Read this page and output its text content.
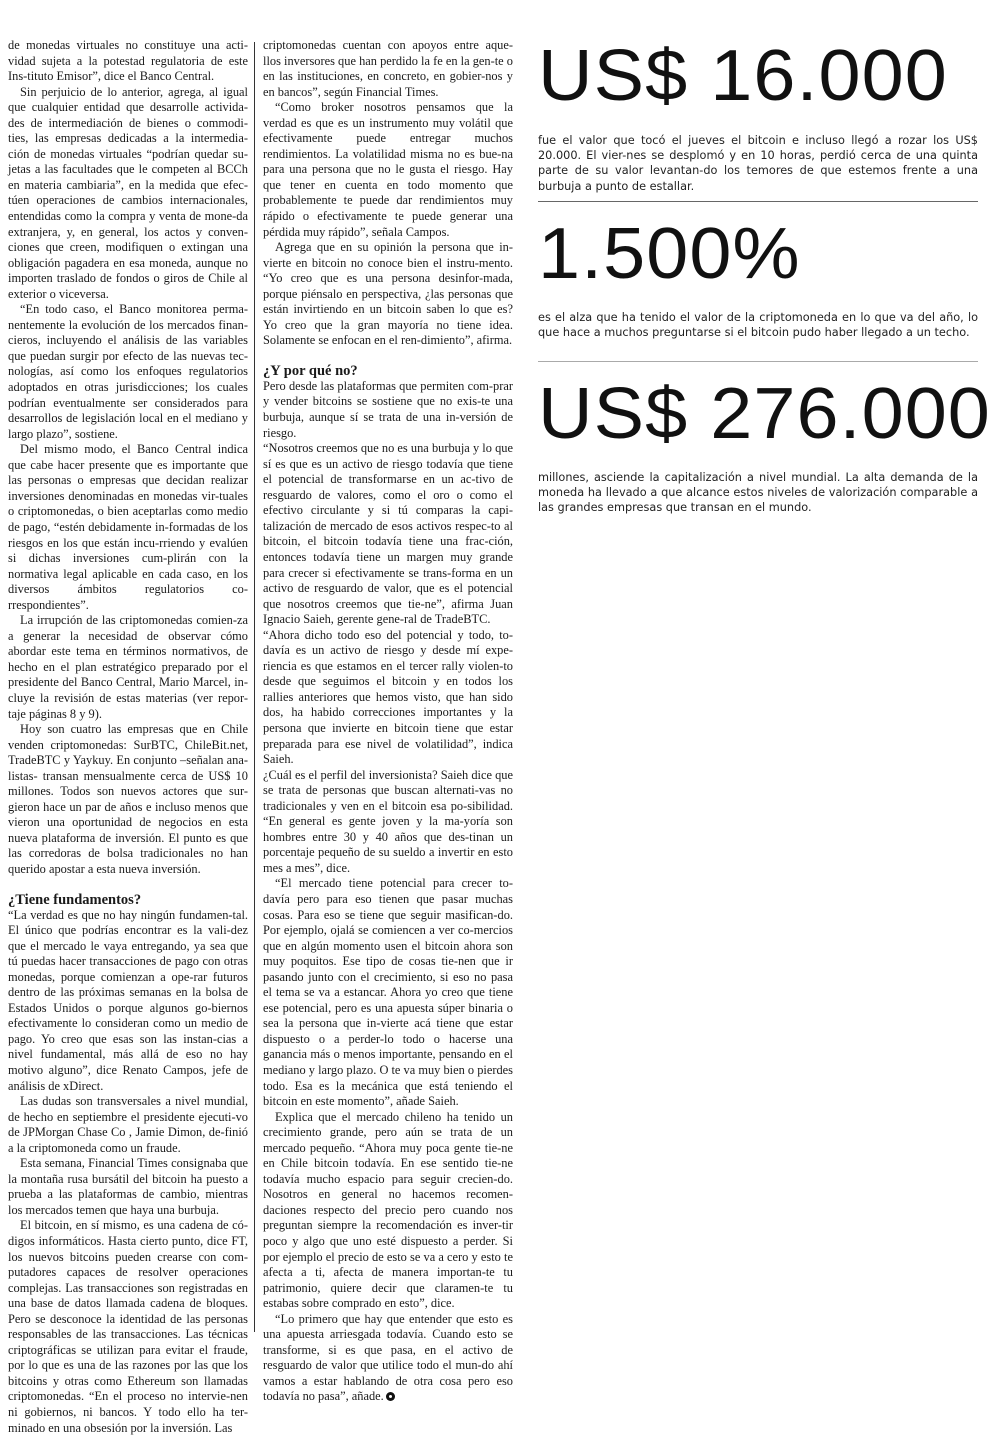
de monedas virtuales no constituye una acti-vidad sujeta a la potestad regulatoria de este Ins-tituto Emisor”, dice el Banco Central.

Sin perjuicio de lo anterior, agrega, al igual que cualquier entidad que desarrolle activida-des de intermediación de bienes o commodi-ties, las empresas dedicadas a la intermedia-ción de monedas virtuales “podrían quedar su-jetas a las facultades que le competen al BCCh en materia cambiaria”, en la medida que efec-túen operaciones de cambios internacionales, entendidas como la compra y venta de mone-da extranjera, y, en general, los actos y conven-ciones que creen, modifiquen o extingan una obligación pagadera en esa moneda, aunque no importen traslado de fondos o giros de Chile al exterior o viceversa.

“En todo caso, el Banco monitorea perma-nentemente la evolución de los mercados finan-cieros, incluyendo el análisis de las variables que puedan surgir por efecto de las nuevas tec-nologías, así como los enfoques regulatorios adoptados en otras jurisdicciones; los cuales podrían eventualmente ser considerados para desarrollos de legislación local en el mediano y largo plazo”, sostiene.

Del mismo modo, el Banco Central indica que cabe hacer presente que es importante que las personas o empresas que decidan realizar inversiones denominadas en monedas vir-tuales o criptomonedas, o bien aceptarlas como medio de pago, “estén debidamente in-formadas de los riesgos en los que están incu-rriendo y evalúen si dichas inversiones cum-plirán con la normativa legal aplicable en cada caso, en los diversos ámbitos regulatorios co-rrespondientes”.

La irrupción de las criptomonedas comien-za a generar la necesidad de observar cómo abordar este tema en términos normativos, de hecho en el plan estratégico preparado por el presidente del Banco Central, Mario Marcel, in-cluye la revisión de estas materias (ver repor-taje páginas 8 y 9).

Hoy son cuatro las empresas que en Chile venden criptomonedas: SurBTC, ChileBit.net, TradeBTC y Yaykuy. En conjunto –señalan ana-listas- transan mensualmente cerca de US$ 10 millones. Todos son nuevos actores que sur-gieron hace un par de años e incluso menos que vieron una oportunidad de negocios en esta nueva plataforma de inversión. El punto es que las corredoras de bolsa tradicionales no han querido apostar a esta nueva inversión.

¿Tiene fundamentos?

“La verdad es que no hay ningún fundamen-tal. El único que podrías encontrar es la vali-dez que el mercado le vaya entregando, ya sea que tú puedas hacer transacciones de pago con otras monedas, porque comienzan a ope-rar futuros dentro de las próximas semanas en la bolsa de Estados Unidos o porque algunos go-biernos efectivamente lo consideran como un medio de pago. Yo creo que esas son las instan-cias a nivel fundamental, más allá de eso no hay motivo alguno”, dice Renato Campos, jefe de análisis de xDirect.

Las dudas son transversales a nivel mundial, de hecho en septiembre el presidente ejecuti-vo de JPMorgan Chase Co , Jamie Dimon, de-finió a la criptomoneda como un fraude.

Esta semana, Financial Times consignaba que la montaña rusa bursátil del bitcoin ha puesto a prueba a las plataformas de cambio, mientras los mercados temen que haya una burbuja.

El bitcoin, en sí mismo, es una cadena de có-digos informáticos. Hasta cierto punto, dice FT, los nuevos bitcoins pueden crearse con com-putadores capaces de resolver operaciones complejas. Las transacciones son registradas en una base de datos llamada cadena de bloques. Pero se desconoce la identidad de las personas responsables de las transacciones. Las técnicas criptográficas se utilizan para evitar el fraude, por lo que es una de las razones por las que los bitcoins y otras como Ethereum son llamadas criptomonedas. “En el proceso no intervie-nen ni gobiernos, ni bancos. Y todo ello ha ter-minado en una obsesión por la inversión. Las

criptomonedas cuentan con apoyos entre aque-llos inversores que han perdido la fe en la gen-te o en las instituciones, en concreto, en gobier-nos y en bancos”, según Financial Times.

“Como broker nosotros pensamos que la verdad es que es un instrumento muy volátil que efectivamente puede entregar muchos rendimientos. La volatilidad misma no es bue-na para una persona que no le gusta el riesgo. Hay que tener en cuenta en todo momento que probablemente te puede dar rendimientos muy rápido o efectivamente te puede generar una pérdida muy rápido”, señala Campos.

Agrega que en su opinión la persona que in-vierte en bitcoin no conoce bien el instru-mento. “Yo creo que es una persona desinfor-mada, porque piénsalo en perspectiva, ¿las personas que están invirtiendo en un bitcoin saben lo que es? Yo creo que la gran mayoría no tiene idea. Solamente se enfocan en el ren-dimiento”, afirma.

¿Y por qué no?

Pero desde las plataformas que permiten com-prar y vender bitcoins se sostiene que no exis-te una burbuja, aunque sí se trata de una in-versión de riesgo.

“Nosotros creemos que no es una burbuja y lo que sí es que es un activo de riesgo todavía que tiene el potencial de transformarse en un ac-tivo de resguardo de valores, como el oro o como el efectivo circulante y si tú comparas la capi-talización de mercado de esos activos respec-to al bitcoin, el bitcoin todavía tiene una frac-ción, entonces todavía tiene un margen muy grande para crecer si efectivamente se trans-forma en un activo de resguardo de valor, que es el potencial que nosotros creemos que tie-ne”, afirma Juan Ignacio Saieh, gerente gene-ral de TradeBTC.

“Ahora dicho todo eso del potencial y todo, to-davía es un activo de riesgo y desde mí expe-riencia es que estamos en el tercer rally violen-to desde que seguimos el bitcoin y en todos los rallies anteriores que hemos visto, que han sido dos, ha habido correcciones importantes y la persona que invierte en bitcoin tiene que estar preparada para ese nivel de volatilidad”, indica Saieh.

¿Cuál es el perfil del inversionista? Saieh dice que se trata de personas que buscan alternati-vas no tradicionales y ven en el bitcoin esa po-sibilidad. “En general es gente joven y la ma-yoría son hombres entre 30 y 40 años que des-tinan un porcentaje pequeño de su sueldo a invertir en esto mes a mes”, dice.

“El mercado tiene potencial para crecer to-davía pero para eso tienen que pasar muchas cosas. Para eso se tiene que seguir masifican-do. Por ejemplo, ojalá se comiencen a ver co-mercios que en algún momento usen el bitcoin ahora son muy poquitos. Ese tipo de cosas tie-nen que ir pasando junto con el crecimiento, si eso no pasa el tema se va a estancar. Ahora yo creo que tiene ese potencial, pero es una apuesta súper binaria o sea la persona que in-vierte acá tiene que estar dispuesto o a perder-lo todo o hacerse una ganancia más o menos importante, pensando en el mediano y largo plazo. O te va muy bien o pierdes todo. Esa es la mecánica que está teniendo el bitcoin en este momento”, añade Saieh.

Explica que el mercado chileno ha tenido un crecimiento grande, pero aún se trata de un mercado pequeño. “Ahora muy poca gente tie-ne en Chile bitcoin todavía. En ese sentido tie-ne todavía mucho espacio para seguir crecien-do. Nosotros en general no hacemos recomen-daciones respecto del precio pero cuando nos preguntan siempre la recomendación es inver-tir poco y algo que uno esté dispuesto a perder. Si por ejemplo el precio de esto se va a cero y esto te afecta a ti, afecta de manera importan-te tu patrimonio, quiere decir que claramen-te tu estabas sobre comprado en esto”, dice.

“Lo primero que hay que entender que esto es una apuesta arriesgada todavía. Cuando esto se transforme, si es que pasa, en el activo de resguardo de valor que utilice todo el mun-do ahí vamos a estar hablando de otra cosa pero eso todavía no pasa”, añade.

US$ 16.000
fue el valor que tocó el jueves el bitcoin e incluso llegó a rozar los US$ 20.000. El vier-nes se desplomó y en 10 horas, perdió cerca de una quinta parte de su valor levantan-do los temores de que estemos frente a una burbuja a punto de estallar.
1.500%
es el alza que ha tenido el valor de la criptomoneda en lo que va del año, lo que hace a muchos preguntarse si el bitcoin pudo haber llegado a un techo.
US$ 276.000
millones, asciende la capitalización a nivel mundial. La alta demanda de la moneda ha llevado a que alcance estos niveles de valorización comparable a las grandes empresas que transan en el mundo.
